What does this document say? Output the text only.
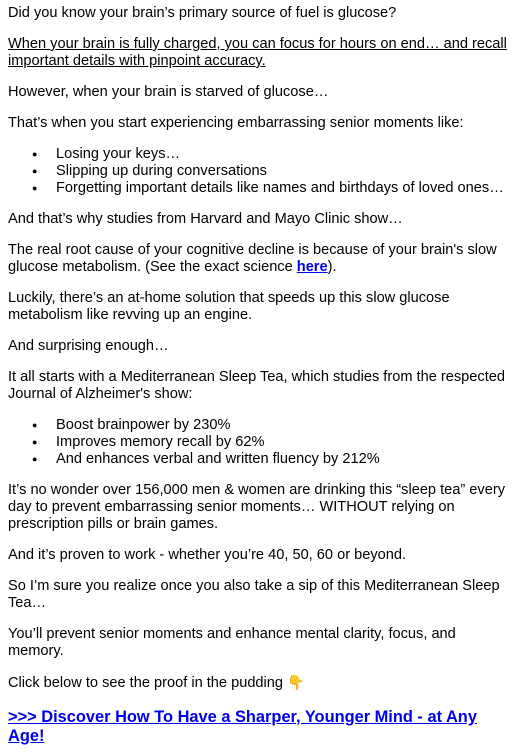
Did you know your brain’s primary source of fuel is glucose?

When your brain is fully charged, you can focus for hours on end… and recall important details with pinpoint accuracy.

However, when your brain is starved of glucose…

That’s when you start experiencing embarrassing senior moments like:

● Losing your keys…
● Slipping up during conversations
● Forgetting important details like names and birthdays of loved ones…

And that’s why studies from Harvard and Mayo Clinic show…

The real root cause of your cognitive decline is because of your brain's slow glucose metabolism. (See the exact science here).

Luckily, there’s an at-home solution that speeds up this slow glucose metabolism like revving up an engine.

And surprising enough…

It all starts with a Mediterranean Sleep Tea, which studies from the respected Journal of Alzheimer's show:

● Boost brainpower by 230%
● Improves memory recall by 62%
● And enhances verbal and written fluency by 212%

It’s no wonder over 156,000 men & women are drinking this “sleep tea” every day to prevent embarrassing senior moments… WITHOUT relying on prescription pills or brain games.

And it’s proven to work - whether you’re 40, 50, 60 or beyond.

So I’m sure you realize once you also take a sip of this Mediterranean Sleep Tea…

You’ll prevent senior moments and enhance mental clarity, focus, and memory.

Click below to see the proof in the pudding 👇

>>> Discover How To Have a Sharper, Younger Mind - at Any Age!
